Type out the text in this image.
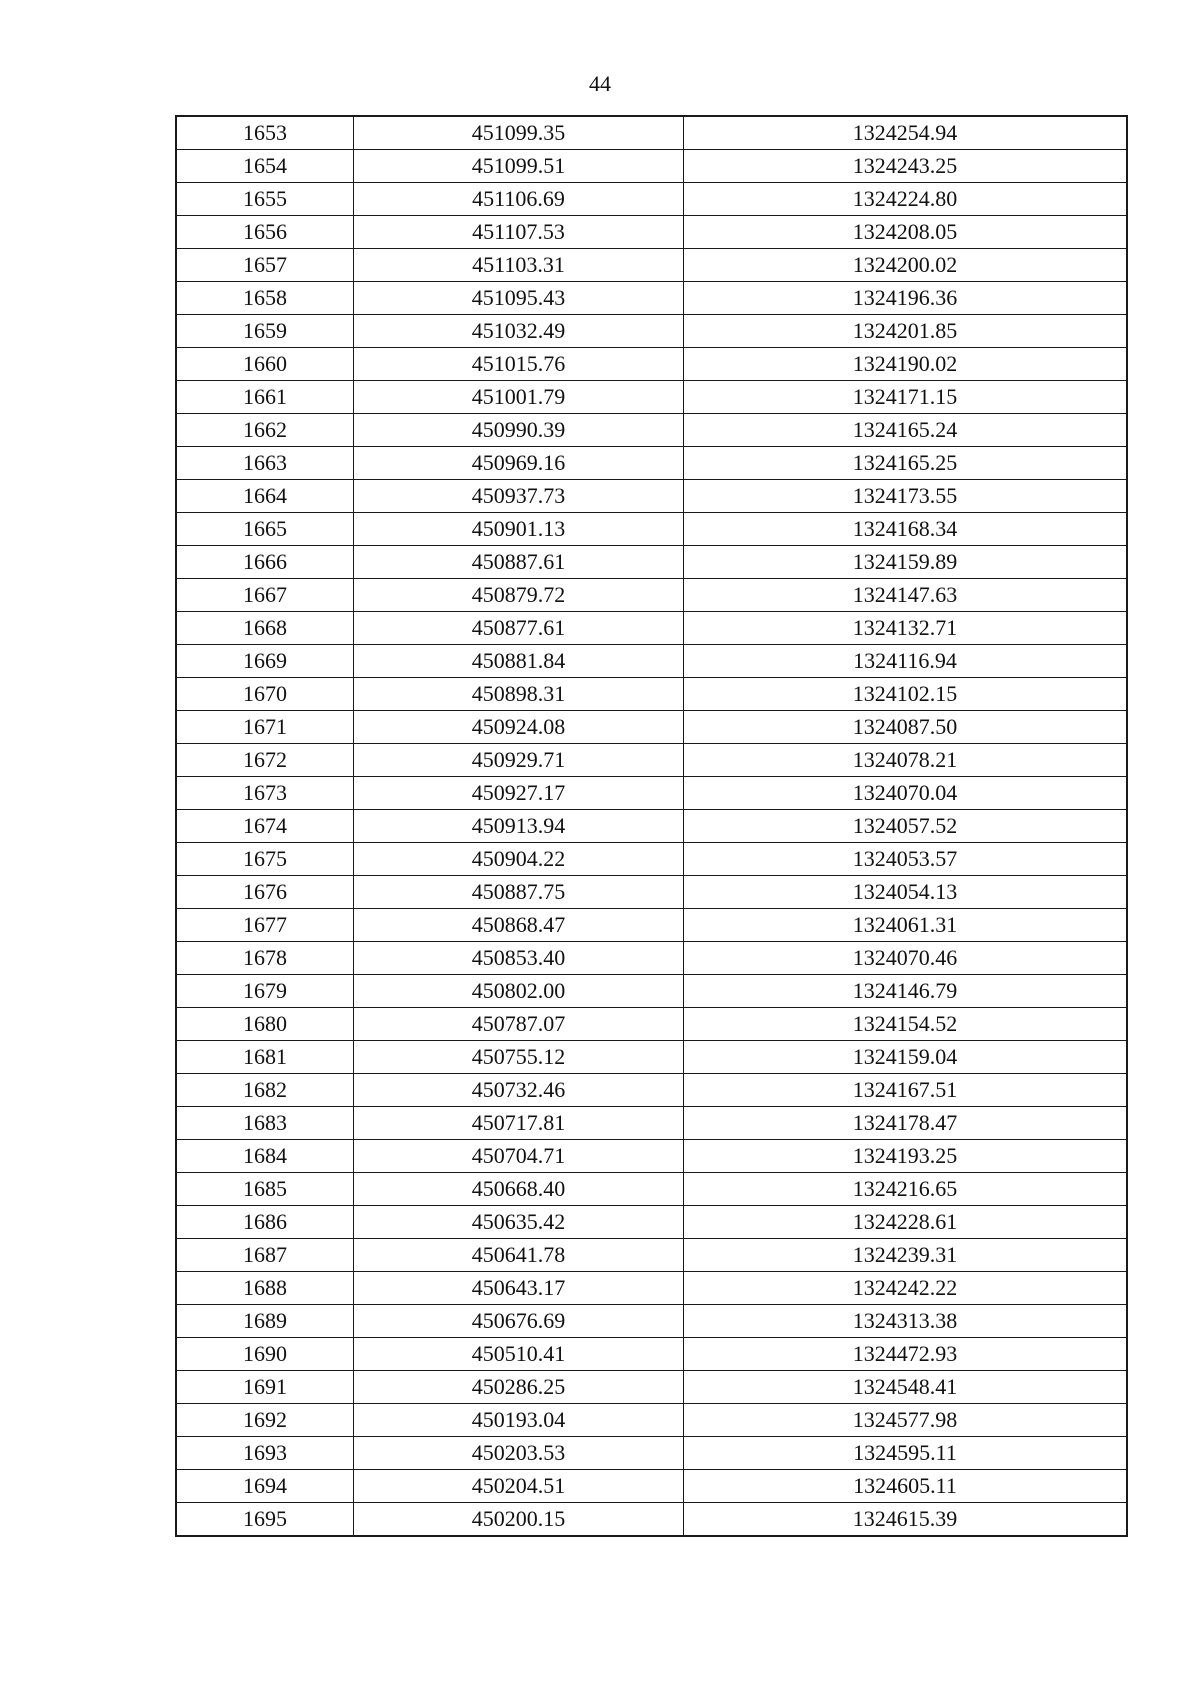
44
1653	451099.35	1324254.94
1654	451099.51	1324243.25
1655	451106.69	1324224.80
1656	451107.53	1324208.05
1657	451103.31	1324200.02
1658	451095.43	1324196.36
1659	451032.49	1324201.85
1660	451015.76	1324190.02
1661	451001.79	1324171.15
1662	450990.39	1324165.24
1663	450969.16	1324165.25
1664	450937.73	1324173.55
1665	450901.13	1324168.34
1666	450887.61	1324159.89
1667	450879.72	1324147.63
1668	450877.61	1324132.71
1669	450881.84	1324116.94
1670	450898.31	1324102.15
1671	450924.08	1324087.50
1672	450929.71	1324078.21
1673	450927.17	1324070.04
1674	450913.94	1324057.52
1675	450904.22	1324053.57
1676	450887.75	1324054.13
1677	450868.47	1324061.31
1678	450853.40	1324070.46
1679	450802.00	1324146.79
1680	450787.07	1324154.52
1681	450755.12	1324159.04
1682	450732.46	1324167.51
1683	450717.81	1324178.47
1684	450704.71	1324193.25
1685	450668.40	1324216.65
1686	450635.42	1324228.61
1687	450641.78	1324239.31
1688	450643.17	1324242.22
1689	450676.69	1324313.38
1690	450510.41	1324472.93
1691	450286.25	1324548.41
1692	450193.04	1324577.98
1693	450203.53	1324595.11
1694	450204.51	1324605.11
1695	450200.15	1324615.39
